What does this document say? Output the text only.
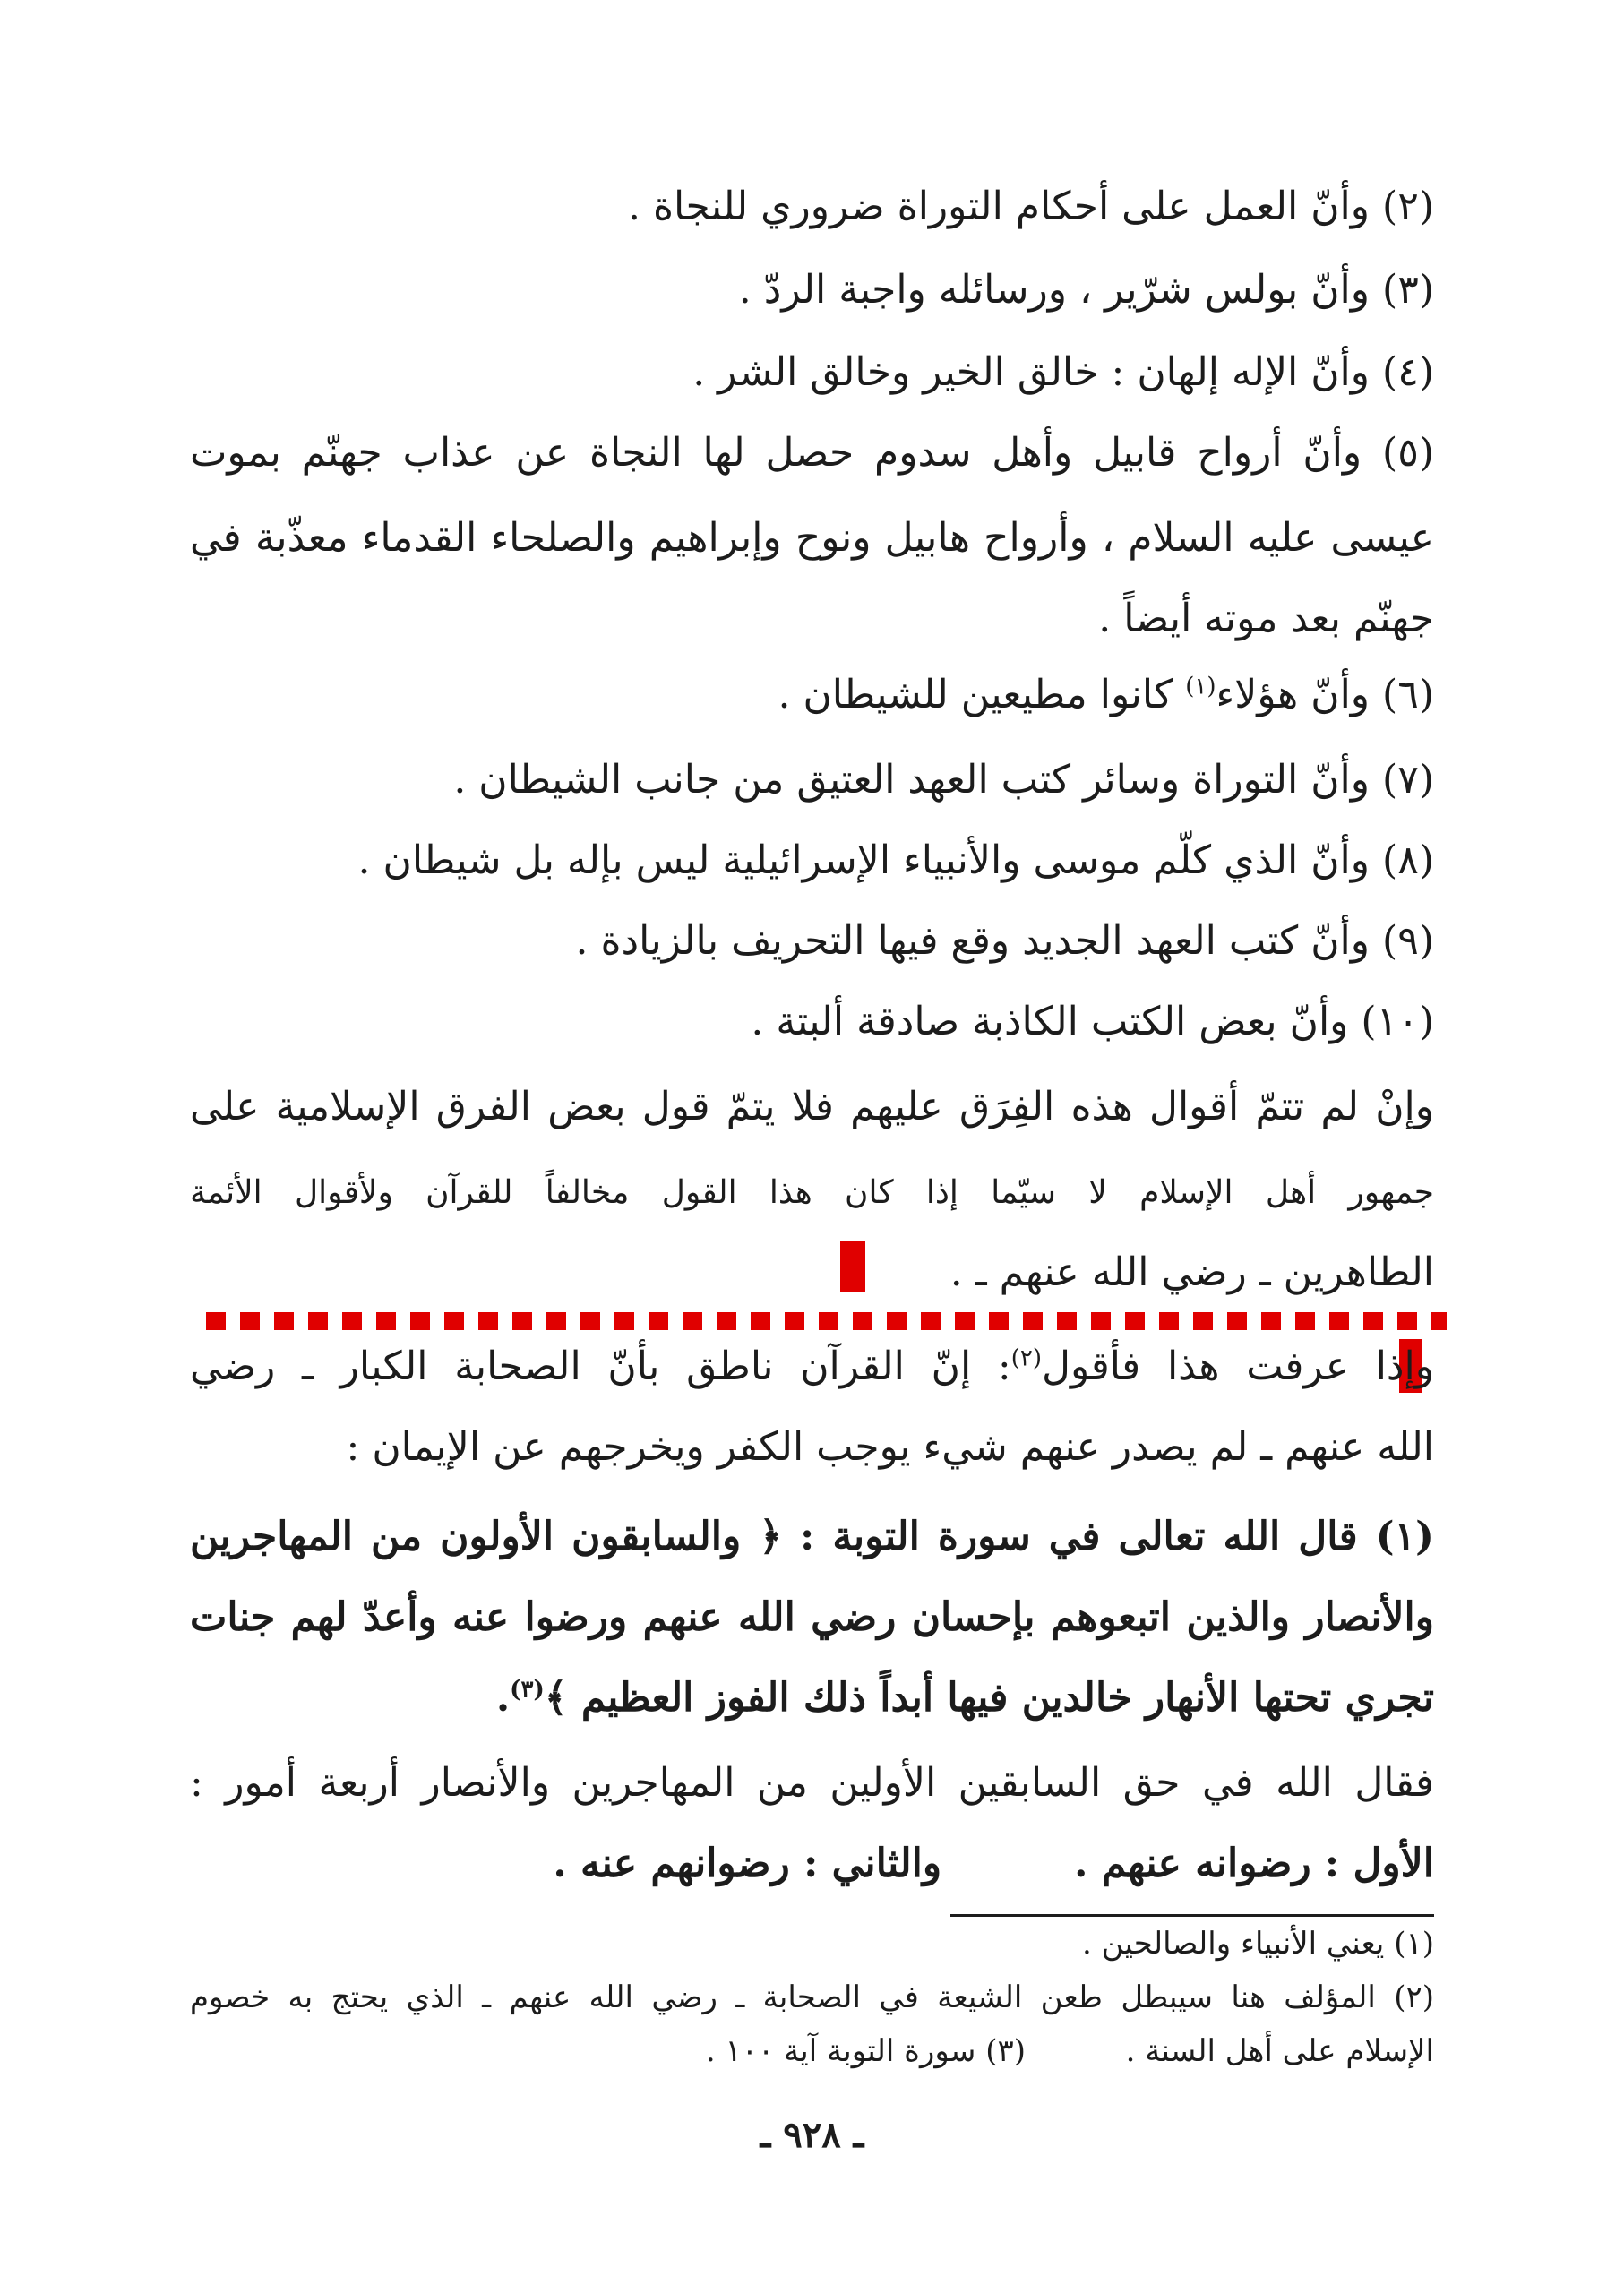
(٢) وأنّ العمل على أحكام التوراة ضروري للنجاة .
(٣) وأنّ بولس شرّير ، ورسائله واجبة الردّ .
(٤) وأنّ الإله إلهان : خالق الخير وخالق الشر .
(٥) وأنّ أرواح قابيل وأهل سدوم حصل لها النجاة عن عذاب جهنّم بموت
عيسى عليه السلام ، وأرواح هابيل ونوح وإبراهيم والصلحاء القدماء معذّبة في
جهنّم بعد موته أيضاً .
(٦) وأنّ هؤلاء$^{(١)}$ كانوا مطيعين للشيطان .
(٧) وأنّ التوراة وسائر كتب العهد العتيق من جانب الشيطان .
(٨) وأنّ الذي كلّم موسى والأنبياء الإسرائيلية ليس بإله بل شيطان .
(٩) وأنّ كتب العهد الجديد وقع فيها التحريف بالزيادة .
(١٠) وأنّ بعض الكتب الكاذبة صادقة ألبتة .
وإنْ لم تتمّ أقوال هذه الفِرَق عليهم فلا يتمّ قول بعض الفرق الإسلامية على
جمهور أهل الإسلام لا سيّما إذا كان هذا القول مخالفاً للقرآن ولأقوال الأئمة
الطاهرين ـ رضي الله عنهم ـ .
وإذا عرفت هذا فأقول$^{(٢)}$: إنّ القرآن ناطق بأنّ الصحابة الكبار ـ رضي
الله عنهم ـ لم يصدر عنهم شيء يوجب الكفر ويخرجهم عن الإيمان :
(١) قال الله تعالى في سورة التوبة : ﴿ والسابقون الأولون من المهاجرين
والأنصار والذين اتبعوهم بإحسان رضي الله عنهم ورضوا عنه وأعدّ لهم جنات
تجري تحتها الأنهار خالدين فيها أبداً ذلك الفوز العظيم ﴾$^{(٣)}$.
فقال الله في حق السابقين الأولين من المهاجرين والأنصار أربعة أمور :
الأول : رضوانه عنهم .  والثاني : رضوانهم عنه .
(١) يعني الأنبياء والصالحين .
(٢) المؤلف هنا سيبطل طعن الشيعة في الصحابة ـ رضي الله عنهم ـ الذي يحتج به خصوم
الإسلام على أهل السنة .  (٣) سورة التوبة آية ١٠٠ .
ـ ٩٢٨ ـ
